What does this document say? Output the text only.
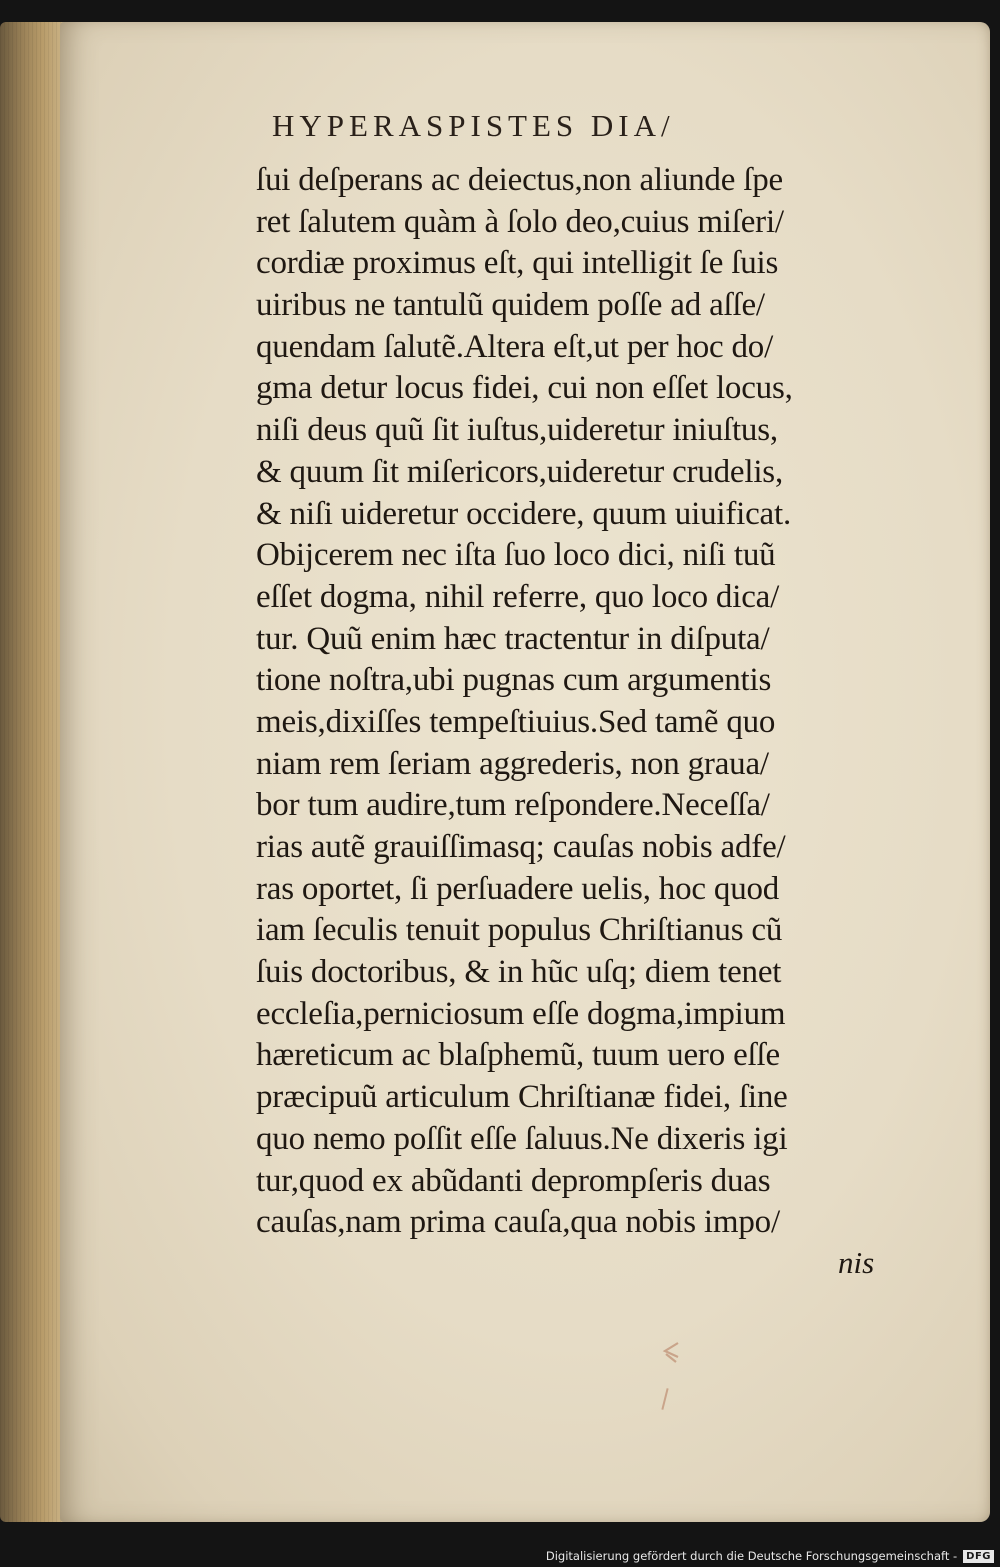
HYPERASPISTES DIA/
ſui deſperans ac deiectus,non aliunde ſpe
ret ſalutem quàm à ſolo deo,cuius miſeri/
cordiæ proximus eſt, qui intelligit ſe ſuis
uiribus ne tantulũ quidem poſſe ad aſſe/
quendam ſalutẽ.Altera eſt,ut per hoc do/
gma detur locus fidei, cui non eſſet locus,
niſi deus quũ ſit iuſtus,uideretur iniuſtus,
& quum ſit miſericors,uideretur crudelis,
& niſi uideretur occidere, quum uiuificat.
Obijcerem nec iſta ſuo loco dici, niſi tuũ
eſſet dogma, nihil referre, quo loco dica/
tur. Quũ enim hæc tractentur in diſputa/
tione noſtra,ubi pugnas cum argumentis
meis,dixiſſes tempeſtiuius.Sed tamẽ quo
niam rem ſeriam aggrederis, non graua/
bor tum audire,tum reſpondere.Neceſſa/
rias autẽ grauiſſimasq; cauſas nobis adfe/
ras oportet, ſi perſuadere uelis, hoc quod
iam ſeculis tenuit populus Chriſtianus cũ
ſuis doctoribus, & in hũc uſq; diem tenet
eccleſia,perniciosum eſſe dogma,impium
hæreticum ac blaſphemũ, tuum uero eſſe
præcipuũ articulum Chriſtianæ fidei, ſine
quo nemo poſſit eſſe ſaluus.Ne dixeris igi
tur,quod ex abũdanti deprompſeris duas
cauſas,nam prima cauſa,qua nobis impo/
nis
Digitalisierung gefördert durch die Deutsche Forschungsgemeinschaft - DFG
